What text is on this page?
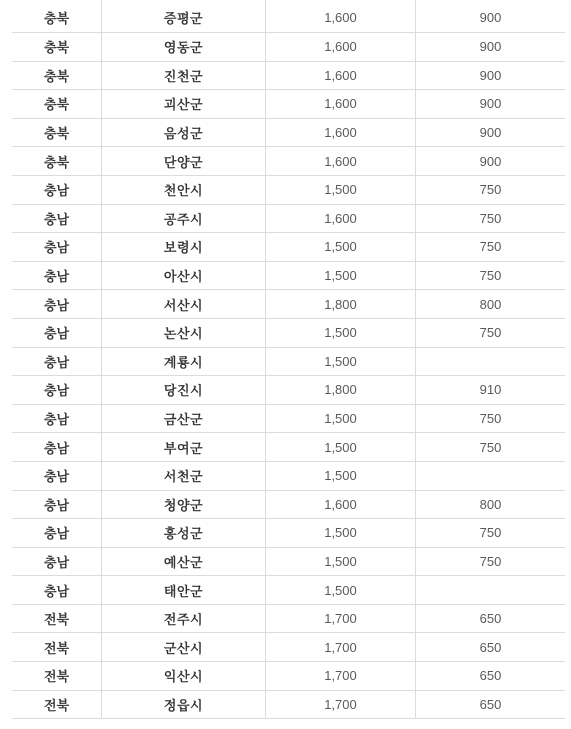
충북	증평군	1,600	900
충북	영동군	1,600	900
충북	진천군	1,600	900
충북	괴산군	1,600	900
충북	음성군	1,600	900
충북	단양군	1,600	900
충남	천안시	1,500	750
충남	공주시	1,600	750
충남	보령시	1,500	750
충남	아산시	1,500	750
충남	서산시	1,800	800
충남	논산시	1,500	750
충남	계룡시	1,500	
충남	당진시	1,800	910
충남	금산군	1,500	750
충남	부여군	1,500	750
충남	서천군	1,500	
충남	청양군	1,600	800
충남	홍성군	1,500	750
충남	예산군	1,500	750
충남	태안군	1,500	
전북	전주시	1,700	650
전북	군산시	1,700	650
전북	익산시	1,700	650
전북	정읍시	1,700	650
